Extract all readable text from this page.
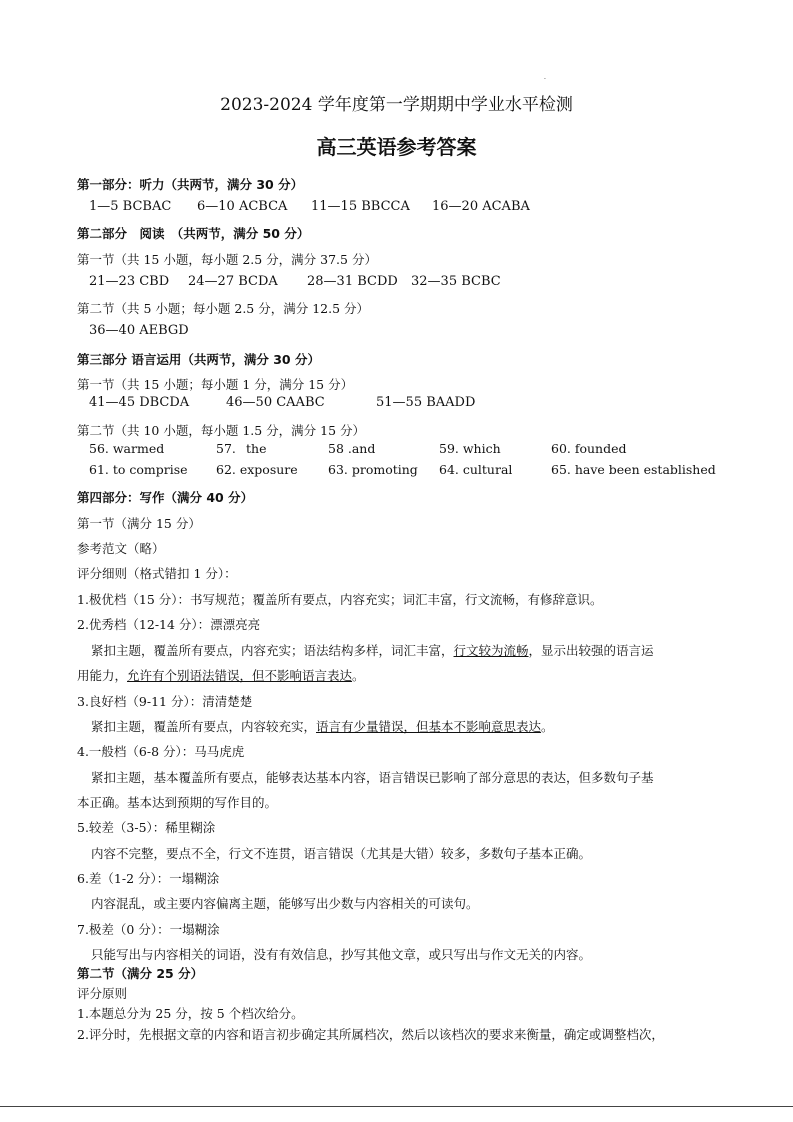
.
2023-2024 学年度第一学期期中学业水平检测
高三英语参考答案
第一部分：听力（共两节，满分 30 分）
1—5 BCBAC 6—10 ACBCA 11—15 BBCCA 16—20 ACABA
第二部分　阅读　（共两节，满分 50 分）
第一节（共 15 小题，每小题 2.5 分，满分 37.5 分）
21—23 CBD 24—27 BCDA 28—31 BCDD 32—35 BCBC
第二节（共 5 小题；每小题 2.5 分，满分 12.5 分）
36—40 AEBGD
第三部分 语言运用（共两节，满分 30 分）
第一节（共 15 小题；每小题 1 分，满分 15 分）
41—45 DBCDA	46—50 CAABC	51—55 BAADD
第二节（共 10 小题，每小题 1.5 分，满分 15 分）
56. warmed	57. the	58 .and	59. which	60. founded
61. to comprise 62. exposure 63. promoting 64. cultural	65. have been established
第四部分：写作（满分 40 分）
第一节（满分 15 分）
参考范文（略）
评分细则（格式错扣 1 分）：
1.极优档（15 分）：书写规范；覆盖所有要点，内容充实；词汇丰富，行文流畅，有修辞意识。
2.优秀档（12-14 分）：漂漂亮亮
紧扣主题，覆盖所有要点，内容充实；语法结构多样，词汇丰富，行文较为流畅，显示出较强的语言运
用能力，允许有个别语法错误，但不影响语言表达。
3.良好档（9-11 分）：清清楚楚
紧扣主题，覆盖所有要点，内容较充实，语言有少量错误，但基本不影响意思表达。
4.一般档（6-8 分）：马马虎虎
紧扣主题，基本覆盖所有要点，能够表达基本内容，语言错误已影响了部分意思的表达，但多数句子基
本正确。基本达到预期的写作目的。
5.较差（3-5）：稀里糊涂
内容不完整，要点不全，行文不连贯，语言错误（尤其是大错）较多，多数句子基本正确。
6.差（1-2 分）：一塌糊涂
内容混乱，或主要内容偏离主题，能够写出少数与内容相关的可读句。
7.极差（0 分）：一塌糊涂
只能写出与内容相关的词语，没有有效信息，抄写其他文章，或只写出与作文无关的内容。
第二节（满分 25 分）
评分原则
1.本题总分为 25 分，按 5 个档次给分。
2.评分时，先根据文章的内容和语言初步确定其所属档次，然后以该档次的要求来衡量，确定或调整档次，
